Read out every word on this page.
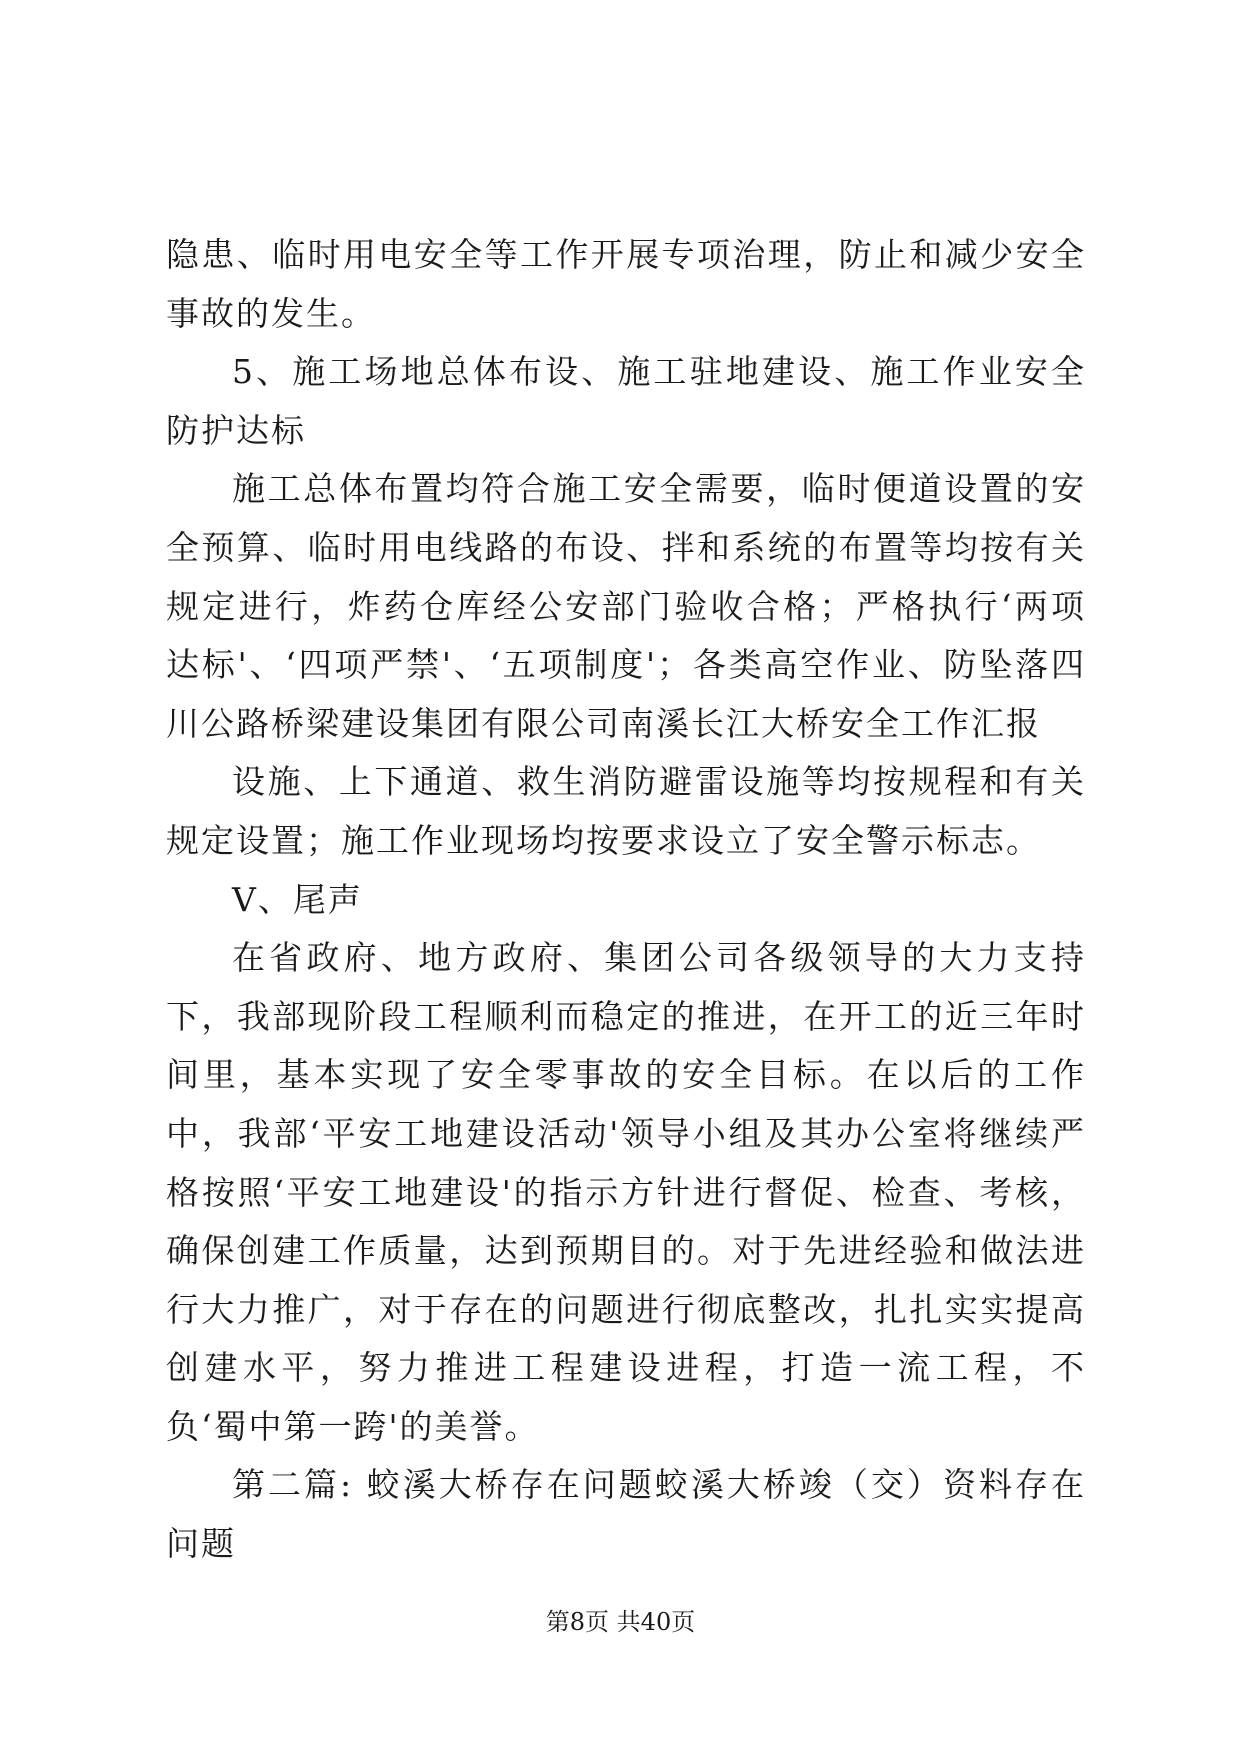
隐患、临时用电安全等工作开展专项治理，防止和减少安全事故的发生。

5、施工场地总体布设、施工驻地建设、施工作业安全防护达标

施工总体布置均符合施工安全需要，临时便道设置的安全预算、临时用电线路的布设、拌和系统的布置等均按有关规定进行，炸药仓库经公安部门验收合格；严格执行‘两项达标'、‘四项严禁'、‘五项制度'；各类高空作业、防坠落四川公路桥梁建设集团有限公司南溪长江大桥安全工作汇报

设施、上下通道、救生消防避雷设施等均按规程和有关规定设置；施工作业现场均按要求设立了安全警示标志。

Ⅴ、尾声

在省政府、地方政府、集团公司各级领导的大力支持下，我部现阶段工程顺利而稳定的推进，在开工的近三年时间里，基本实现了安全零事故的安全目标。在以后的工作中，我部‘平安工地建设活动'领导小组及其办公室将继续严格按照‘平安工地建设'的指示方针进行督促、检查、考核，确保创建工作质量，达到预期目的。对于先进经验和做法进行大力推广，对于存在的问题进行彻底整改，扎扎实实提高创建水平，努力推进工程建设进程，打造一流工程，不负‘蜀中第一跨'的美誉。

第二篇: 蛟溪大桥存在问题蛟溪大桥竣（交）资料存在问题

第8页 共40页
